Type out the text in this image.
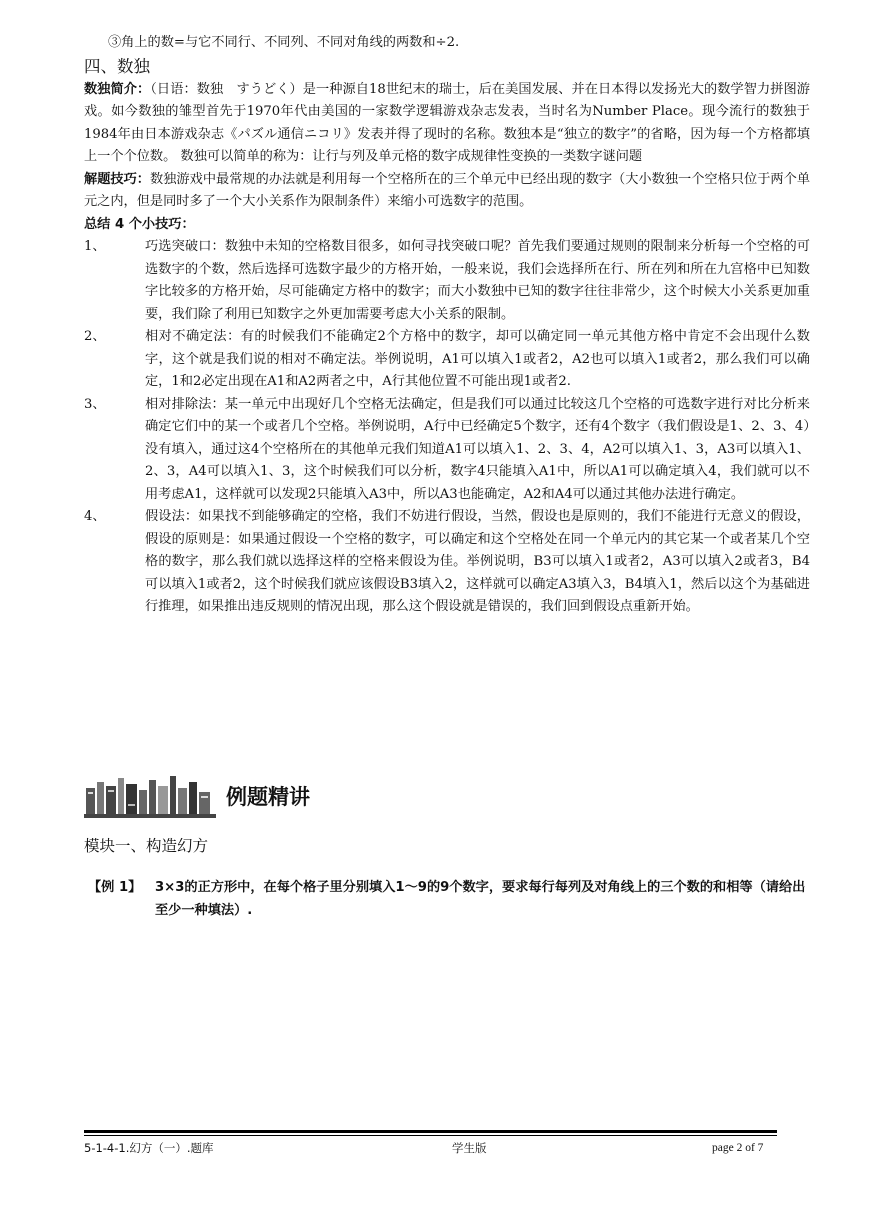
③角上的数=与它不同行、不同列、不同对角线的两数和÷2.

四、数独

数独简介：（日语：数独　すうどく）是一种源自18世纪末的瑞士，后在美国发展、并在日本得以发扬光大的数学智力拼图游戏。如今数独的雏型首先于1970年代由美国的一家数学逻辑游戏杂志发表，当时名为Number Place。现今流行的数独于1984年由日本游戏杂志《パズル通信ニコリ》发表并得了现时的名称。数独本是“独立的数字”的省略，因为每一个方格都填上一个个位数。 数独可以简单的称为：让行与列及单元格的数字成规律性变换的一类数字谜问题

解题技巧：数独游戏中最常规的办法就是利用每一个空格所在的三个单元中已经出现的数字（大小数独一个空格只位于两个单元之内，但是同时多了一个大小关系作为限制条件）来缩小可选数字的范围。

总结 4 个小技巧：

1、	巧选突破口：数独中未知的空格数目很多，如何寻找突破口呢？首先我们要通过规则的限制来分析每一个空格的可选数字的个数，然后选择可选数字最少的方格开始，一般来说，我们会选择所在行、所在列和所在九宫格中已知数字比较多的方格开始，尽可能确定方格中的数字；而大小数独中已知的数字往往非常少，这个时候大小关系更加重要，我们除了利用已知数字之外更加需要考虑大小关系的限制。

2、	相对不确定法：有的时候我们不能确定2个方格中的数字，却可以确定同一单元其他方格中肯定不会出现什么数字，这个就是我们说的相对不确定法。举例说明，A1可以填入1或者2，A2也可以填入1或者2，那么我们可以确定，1和2必定出现在A1和A2两者之中，A行其他位置不可能出现1或者2.

3、	相对排除法：某一单元中出现好几个空格无法确定，但是我们可以通过比较这几个空格的可选数字进行对比分析来确定它们中的某一个或者几个空格。举例说明，A行中已经确定5个数字，还有4个数字（我们假设是1、2、3、4）没有填入，通过这4个空格所在的其他单元我们知道A1可以填入1、2、3、4，A2可以填入1、3，A3可以填入1、2、3，A4可以填入1、3，这个时候我们可以分析，数字4只能填入A1中，所以A1可以确定填入4，我们就可以不用考虑A1，这样就可以发现2只能填入A3中，所以A3也能确定，A2和A4可以通过其他办法进行确定。

4、	假设法：如果找不到能够确定的空格，我们不妨进行假设，当然，假设也是原则的，我们不能进行无意义的假设，假设的原则是：如果通过假设一个空格的数字，可以确定和这个空格处在同一个单元内的其它某一个或者某几个空格的数字，那么我们就以选择这样的空格来假设为佳。举例说明，B3可以填入1或者2，A3可以填入2或者3，B4可以填入1或者2，这个时候我们就应该假设B3填入2，这样就可以确定A3填入3，B4填入1，然后以这个为基础进行推理，如果推出违反规则的情况出现，那么这个假设就是错误的，我们回到假设点重新开始。

例题精讲
模块一、构造幻方
【例 1】	3×3的正方形中，在每个格子里分别填入1～9的9个数字，要求每行每列及对角线上的三个数的和相等（请给出至少一种填法）.

5-1-4-1.幻方（一）.题库	学生版	page 2 of 7
